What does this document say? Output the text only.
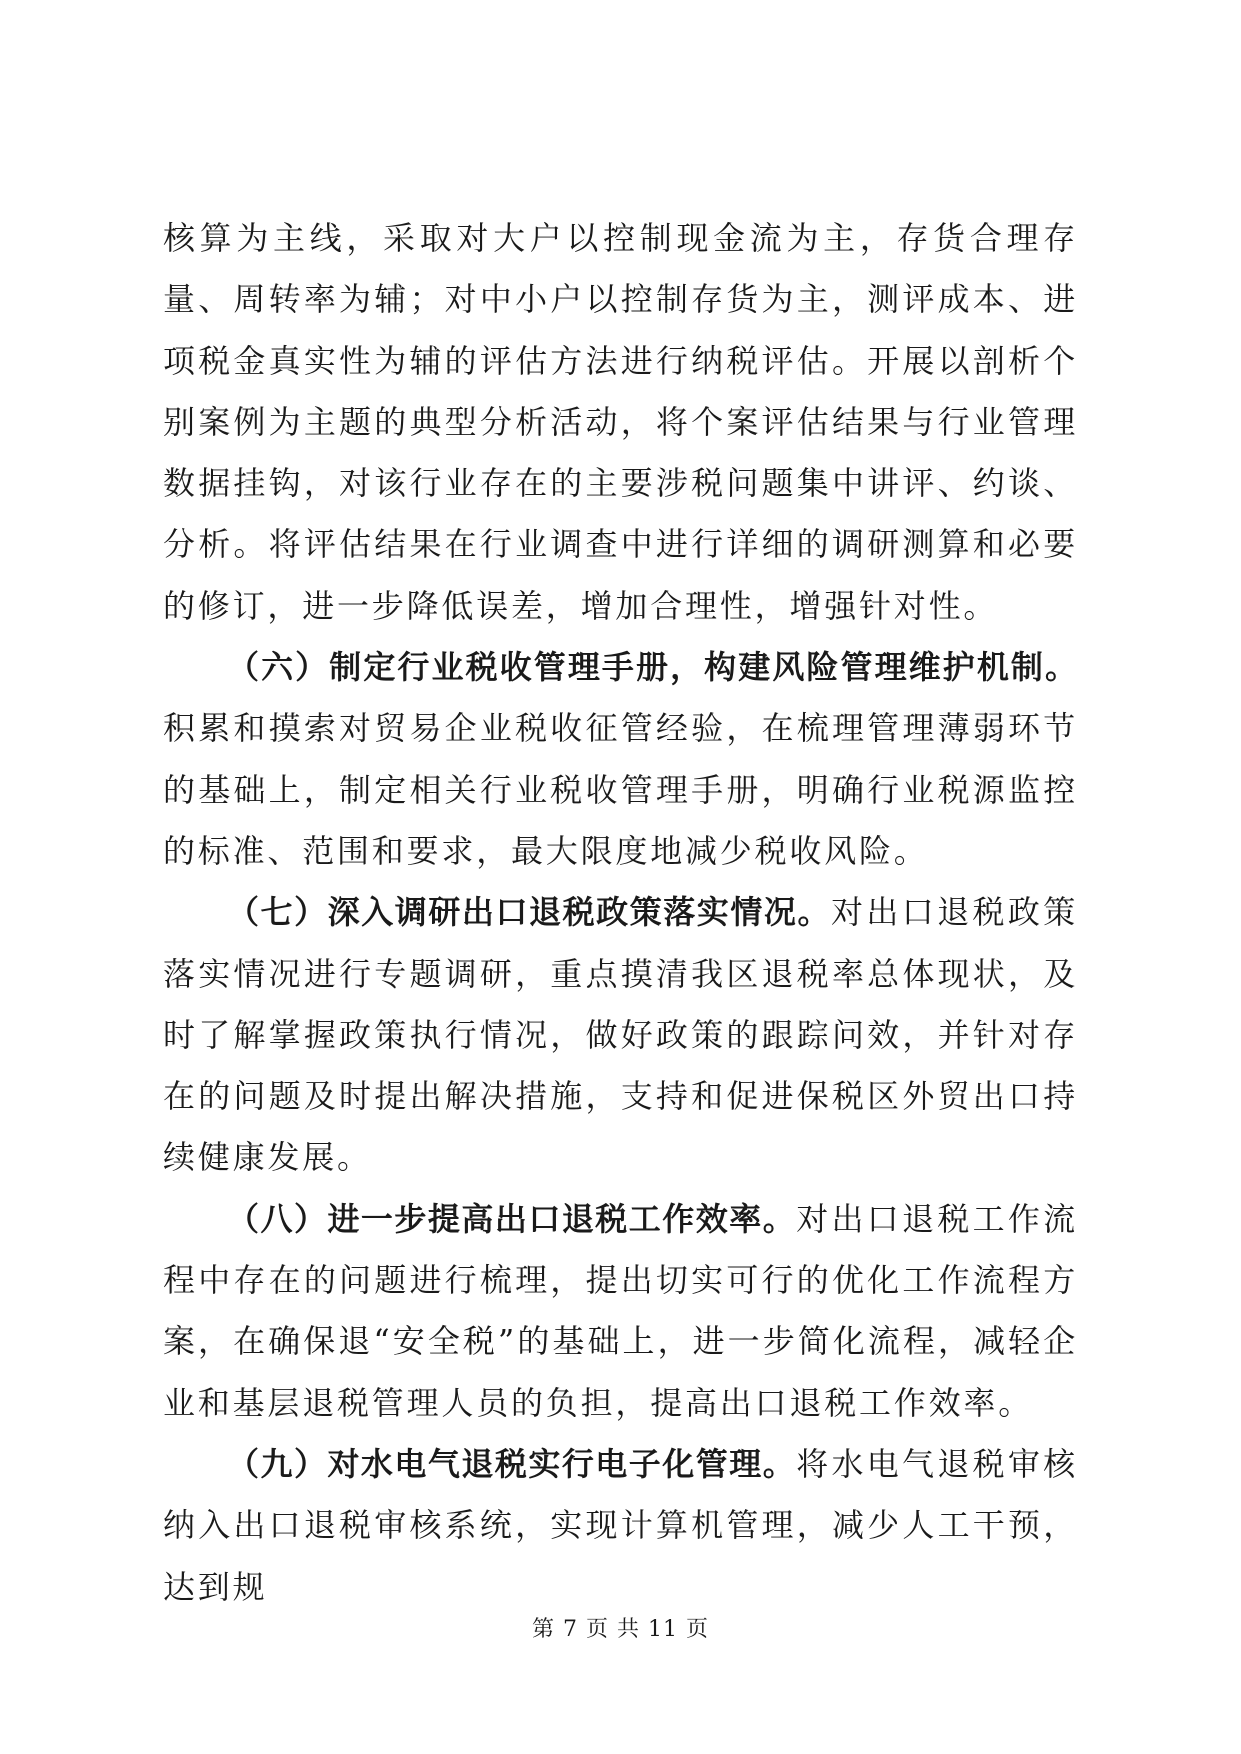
核算为主线，采取对大户以控制现金流为主，存货合理存量、周转率为辅；对中小户以控制存货为主，测评成本、进项税金真实性为辅的评估方法进行纳税评估。开展以剖析个别案例为主题的典型分析活动，将个案评估结果与行业管理数据挂钩，对该行业存在的主要涉税问题集中讲评、约谈、分析。将评估结果在行业调查中进行详细的调研测算和必要的修订，进一步降低误差，增加合理性，增强针对性。

（六）制定行业税收管理手册，构建风险管理维护机制。积累和摸索对贸易企业税收征管经验，在梳理管理薄弱环节的基础上，制定相关行业税收管理手册，明确行业税源监控的标准、范围和要求，最大限度地减少税收风险。

（七）深入调研出口退税政策落实情况。对出口退税政策落实情况进行专题调研，重点摸清我区退税率总体现状，及时了解掌握政策执行情况，做好政策的跟踪问效，并针对存在的问题及时提出解决措施，支持和促进保税区外贸出口持续健康发展。

（八）进一步提高出口退税工作效率。对出口退税工作流程中存在的问题进行梳理，提出切实可行的优化工作流程方案，在确保退“安全税”的基础上，进一步简化流程，减轻企业和基层退税管理人员的负担，提高出口退税工作效率。

（九）对水电气退税实行电子化管理。将水电气退税审核纳入出口退税审核系统，实现计算机管理，减少人工干预，达到规

第 7 页 共 11 页
